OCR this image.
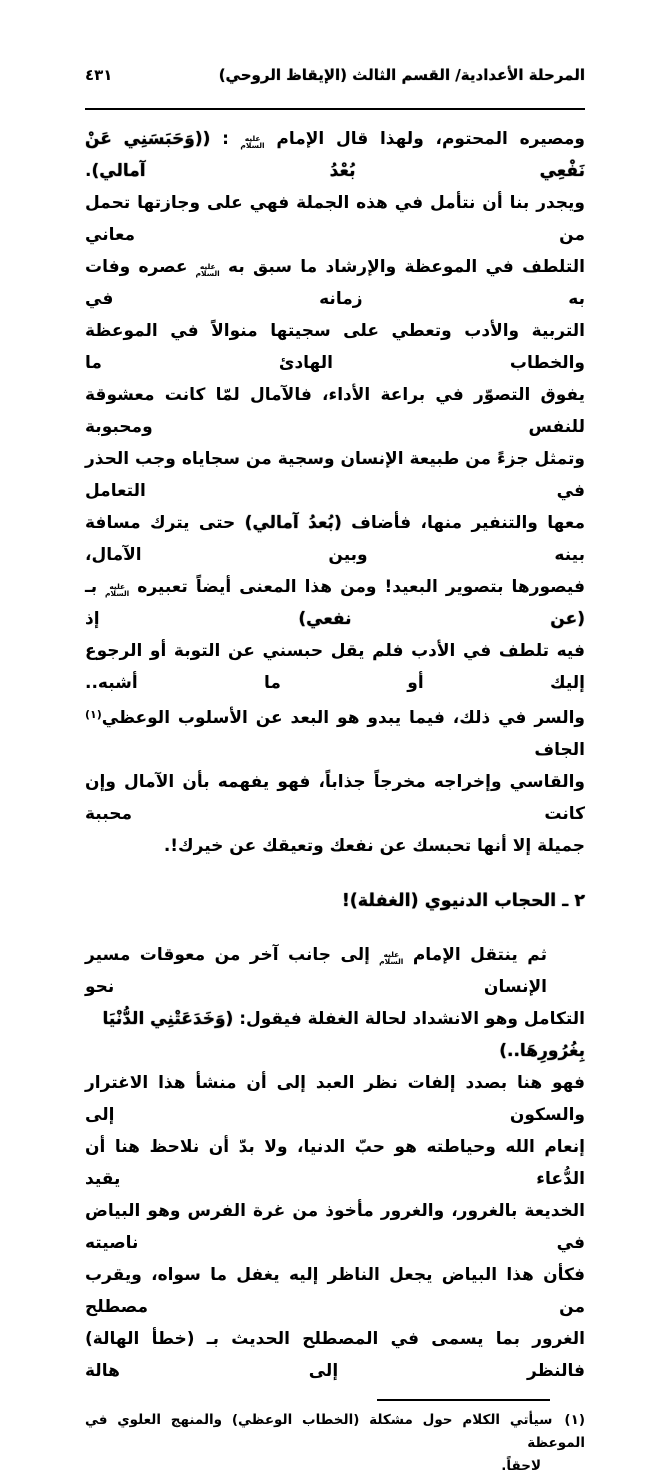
المرحلة الأعدادية/ القسم الثالث (الإيقاظ الروحي)
٤٣١
ومصيره المحتوم، ولهذا قال الإمام عليه السلام : ((وَحَبَسَنِي عَنْ نَفْعِي بُعْدُ آمالي).
ويجدر بنا أن نتأمل في هذه الجملة فهي على وجازتها تحمل من معاني
التلطف في الموعظة والإرشاد ما سبق به عليه السلام عصره وفات به زمانه في
التربية والأدب وتعطي على سجيتها منوالاً في الموعظة والخطاب الهادئ ما
يفوق التصوّر في براعة الأداء، فالآمال لمّا كانت معشوقة للنفس ومحبوبة
وتمثل جزءً من طبيعة الإنسان وسجية من سجاياه وجب الحذر في التعامل
معها والتنفير منها، فأضاف (بُعدُ آمالي) حتى يترك مسافة بينه وبين الآمال،
فيصورها بتصوير البعيد! ومن هذا المعنى أيضاً تعبيره عليه السلام بـ (عن نفعي) إذ
فيه تلطف في الأدب فلم يقل حبسني عن التوبة أو الرجوع إليك أو ما أشبه..
والسر في ذلك، فيما يبدو هو البعد عن الأسلوب الوعظي$^{(١)}$ الجاف
والقاسي وإخراجه مخرجاً جذاباً، فهو يفهمه بأن الآمال وإن كانت محببة
جميلة إلا أنها تحبسك عن نفعك وتعيقك عن خيرك!.
٢ ـ الحجاب الدنيوي (الغفلة)!
ثم ينتقل الإمام عليه السلام إلى جانب آخر من معوقات مسير الإنسان نحو
التكامل وهو الانشداد لحالة الغفلة فيقول: (وَخَدَعَتْنِي الدُّنْيَا بِغُرُورِهَا..)
فهو هنا بصدد إلفات نظر العبد إلى أن منشأ هذا الاغترار والسكون إلى
إنعام الله وحياطته هو حبّ الدنيا، ولا بدّ أن نلاحظ هنا أن الدُّعاء يقيد
الخديعة بالغرور، والغرور مأخوذ من غرة الفرس وهو البياض في ناصيته
فكأن هذا البياض يجعل الناظر إليه يغفل ما سواه، ويقرب من مصطلح
الغرور بما يسمى في المصطلح الحديث بـ (خطأ الهالة) فالنظر إلى هالة
(١)سيأتي الكلام حول مشكلة (الخطاب الوعظي) والمنهج العلوي في الموعظة
لاحقاً.
